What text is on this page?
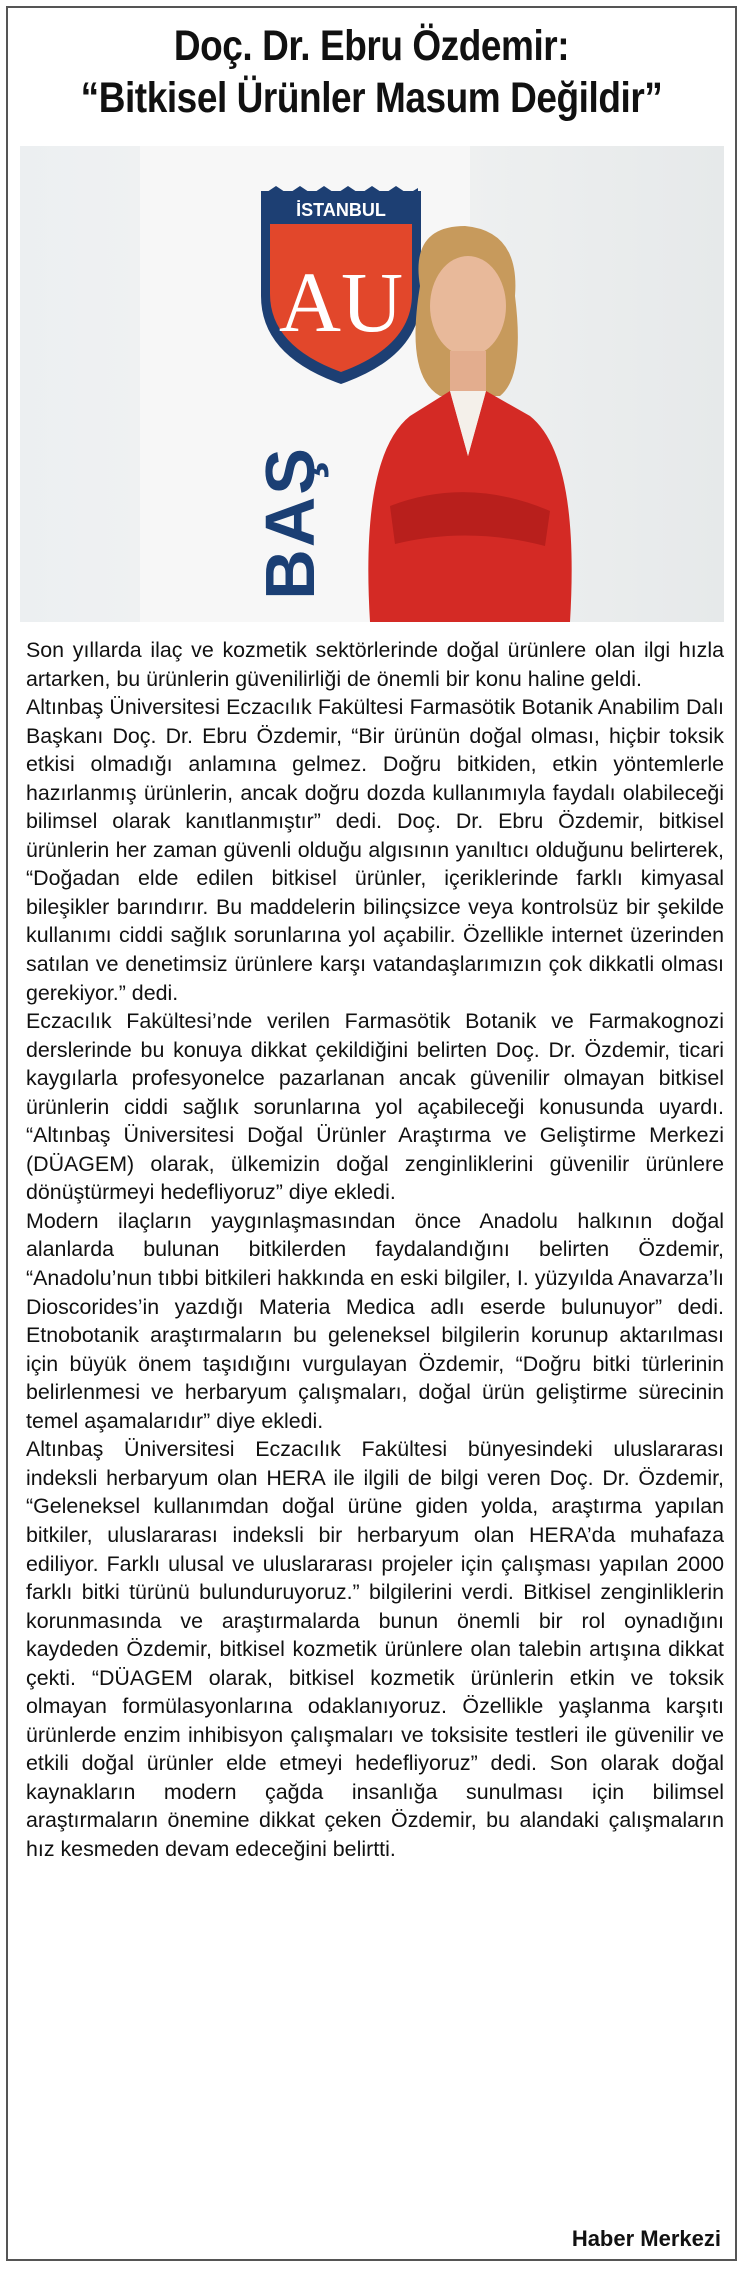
Doç. Dr. Ebru Özdemir:
“Bitkisel Ürünler Masum Değildir”
İSTANBUL
AU
BAŞ

Son yıllarda ilaç ve kozmetik sektörlerinde doğal ürünlere olan ilgi hızla artarken, bu ürünlerin güvenilirliği de önemli bir konu haline geldi.

Altınbaş Üniversitesi Eczacılık Fakültesi Farmasötik Botanik Anabilim Dalı Başkanı Doç. Dr. Ebru Özdemir, “Bir ürünün doğal olması, hiçbir toksik etkisi olmadığı anlamına gelmez. Doğru bitkiden, etkin yöntemlerle hazırlanmış ürünlerin, ancak doğru dozda kullanımıyla faydalı olabileceği bilimsel olarak kanıtlanmıştır” dedi. Doç. Dr. Ebru Özdemir, bitkisel ürünlerin her zaman güvenli olduğu algısının yanıltıcı olduğunu belirterek, “Doğadan elde edilen bitkisel ürünler, içeriklerinde farklı kimyasal bileşikler barındırır. Bu maddelerin bilinçsizce veya kontrolsüz bir şekilde kullanımı ciddi sağlık sorunlarına yol açabilir. Özellikle internet üzerinden satılan ve denetimsiz ürünlere karşı vatandaşlarımızın çok dikkatli olması gerekiyor.” dedi.

Eczacılık Fakültesi’nde verilen Farmasötik Botanik ve Farmakognozi derslerinde bu konuya dikkat çekildiğini belirten Doç. Dr. Özdemir, ticari kaygılarla profesyonelce pazarlanan ancak güvenilir olmayan bitkisel ürünlerin ciddi sağlık sorunlarına yol açabileceği konusunda uyardı. “Altınbaş Üniversitesi Doğal Ürünler Araştırma ve Geliştirme Merkezi (DÜAGEM) olarak, ülkemizin doğal zenginliklerini güvenilir ürünlere dönüştürmeyi hedefliyoruz” diye ekledi.

Modern ilaçların yaygınlaşmasından önce Anadolu halkının doğal alanlarda bulunan bitkilerden faydalandığını belirten Özdemir, “Anadolu’nun tıbbi bitkileri hakkında en eski bilgiler, I. yüzyılda Anavarza’lı Dioscorides’in yazdığı Materia Medica adlı eserde bulunuyor” dedi. Etnobotanik araştırmaların bu geleneksel bilgilerin korunup aktarılması için büyük önem taşıdığını vurgulayan Özdemir, “Doğru bitki türlerinin belirlenmesi ve herbaryum çalışmaları, doğal ürün geliştirme sürecinin temel aşamalarıdır” diye ekledi.

Altınbaş Üniversitesi Eczacılık Fakültesi bünyesindeki uluslararası indeksli herbaryum olan HERA ile ilgili de bilgi veren Doç. Dr. Özdemir, “Geleneksel kullanımdan doğal ürüne giden yolda, araştırma yapılan bitkiler, uluslararası indeksli bir herbaryum olan HERA’da muhafaza ediliyor. Farklı ulusal ve uluslararası projeler için çalışması yapılan 2000 farklı bitki türünü bulunduruyoruz.” bilgilerini verdi. Bitkisel zenginliklerin korunmasında ve araştırmalarda bunun önemli bir rol oynadığını kaydeden Özdemir, bitkisel kozmetik ürünlere olan talebin artışına dikkat çekti. “DÜAGEM olarak, bitkisel kozmetik ürünlerin etkin ve toksik olmayan formülasyonlarına odaklanıyoruz. Özellikle yaşlanma karşıtı ürünlerde enzim inhibisyon çalışmaları ve toksisite testleri ile güvenilir ve etkili doğal ürünler elde etmeyi hedefliyoruz” dedi. Son olarak doğal kaynakların modern çağda insanlığa sunulması için bilimsel araştırmaların önemine dikkat çeken Özdemir, bu alandaki çalışmaların hız kesmeden devam edeceğini belirtti.

Haber Merkezi
